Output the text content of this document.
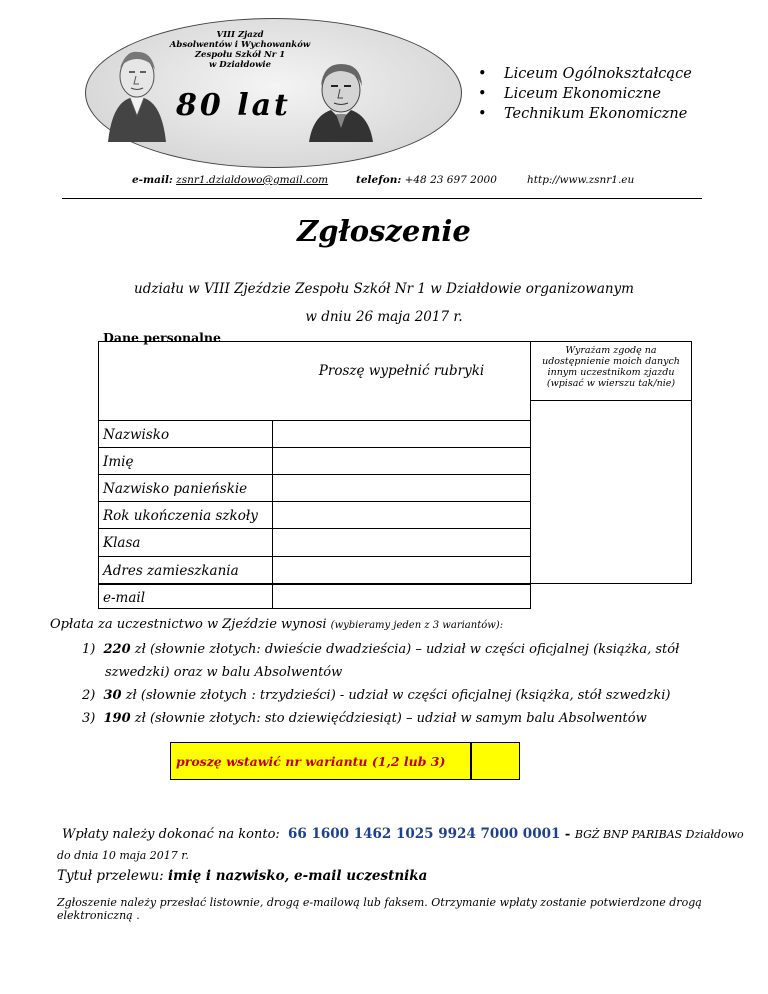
VIII Zjazd
Absolwentów i Wychowanków
Zespołu Szkół Nr 1
w Działdowie
80 lat
• Liceum Ogólnokształcące
• Liceum Ekonomiczne
• Technikum Ekonomiczne
e-mail: zsnr1.dzialdowo@gmail.com	telefon: +48 23 697 2000	http://www.zsnr1.eu
Zgłoszenie
udziału w VIII Zjeździe Zespołu Szkół Nr 1 w Działdowie organizowanym
w dniu 26 maja 2017 r.
Dane personalne
Proszę wypełnić rubryki
Wyrażam zgodę na udostępnienie moich danych innym uczestnikom zjazdu (wpisać w wierszu tak/nie)
Nazwisko
Imię
Nazwisko panieńskie
Rok ukończenia szkoły
Klasa
Adres zamieszkania
e-mail
Opłata za uczestnictwo w Zjeździe wynosi (wybieramy jeden z 3 wariantów):
1) 220 zł (słownie złotych: dwieście dwadzieścia) – udział w części oficjalnej (książka, stół
szwedzki) oraz w balu Absolwentów
2) 30 zł (słownie złotych : trzydzieści) - udział w części oficjalnej (książka, stół szwedzki)
3) 190 zł (słownie złotych: sto dziewięćdziesiąt) – udział w samym balu Absolwentów
proszę wstawić nr wariantu (1,2 lub 3)
Wpłaty należy dokonać na konto: 66 1600 1462 1025 9924 7000 0001 - BGŻ BNP PARIBAS Działdowo
do dnia 10 maja 2017 r.
Tytuł przelewu: imię i nazwisko, e-mail uczestnika
Zgłoszenie należy przesłać listownie, drogą e-mailową lub faksem. Otrzymanie wpłaty zostanie potwierdzone drogą elektroniczną .
